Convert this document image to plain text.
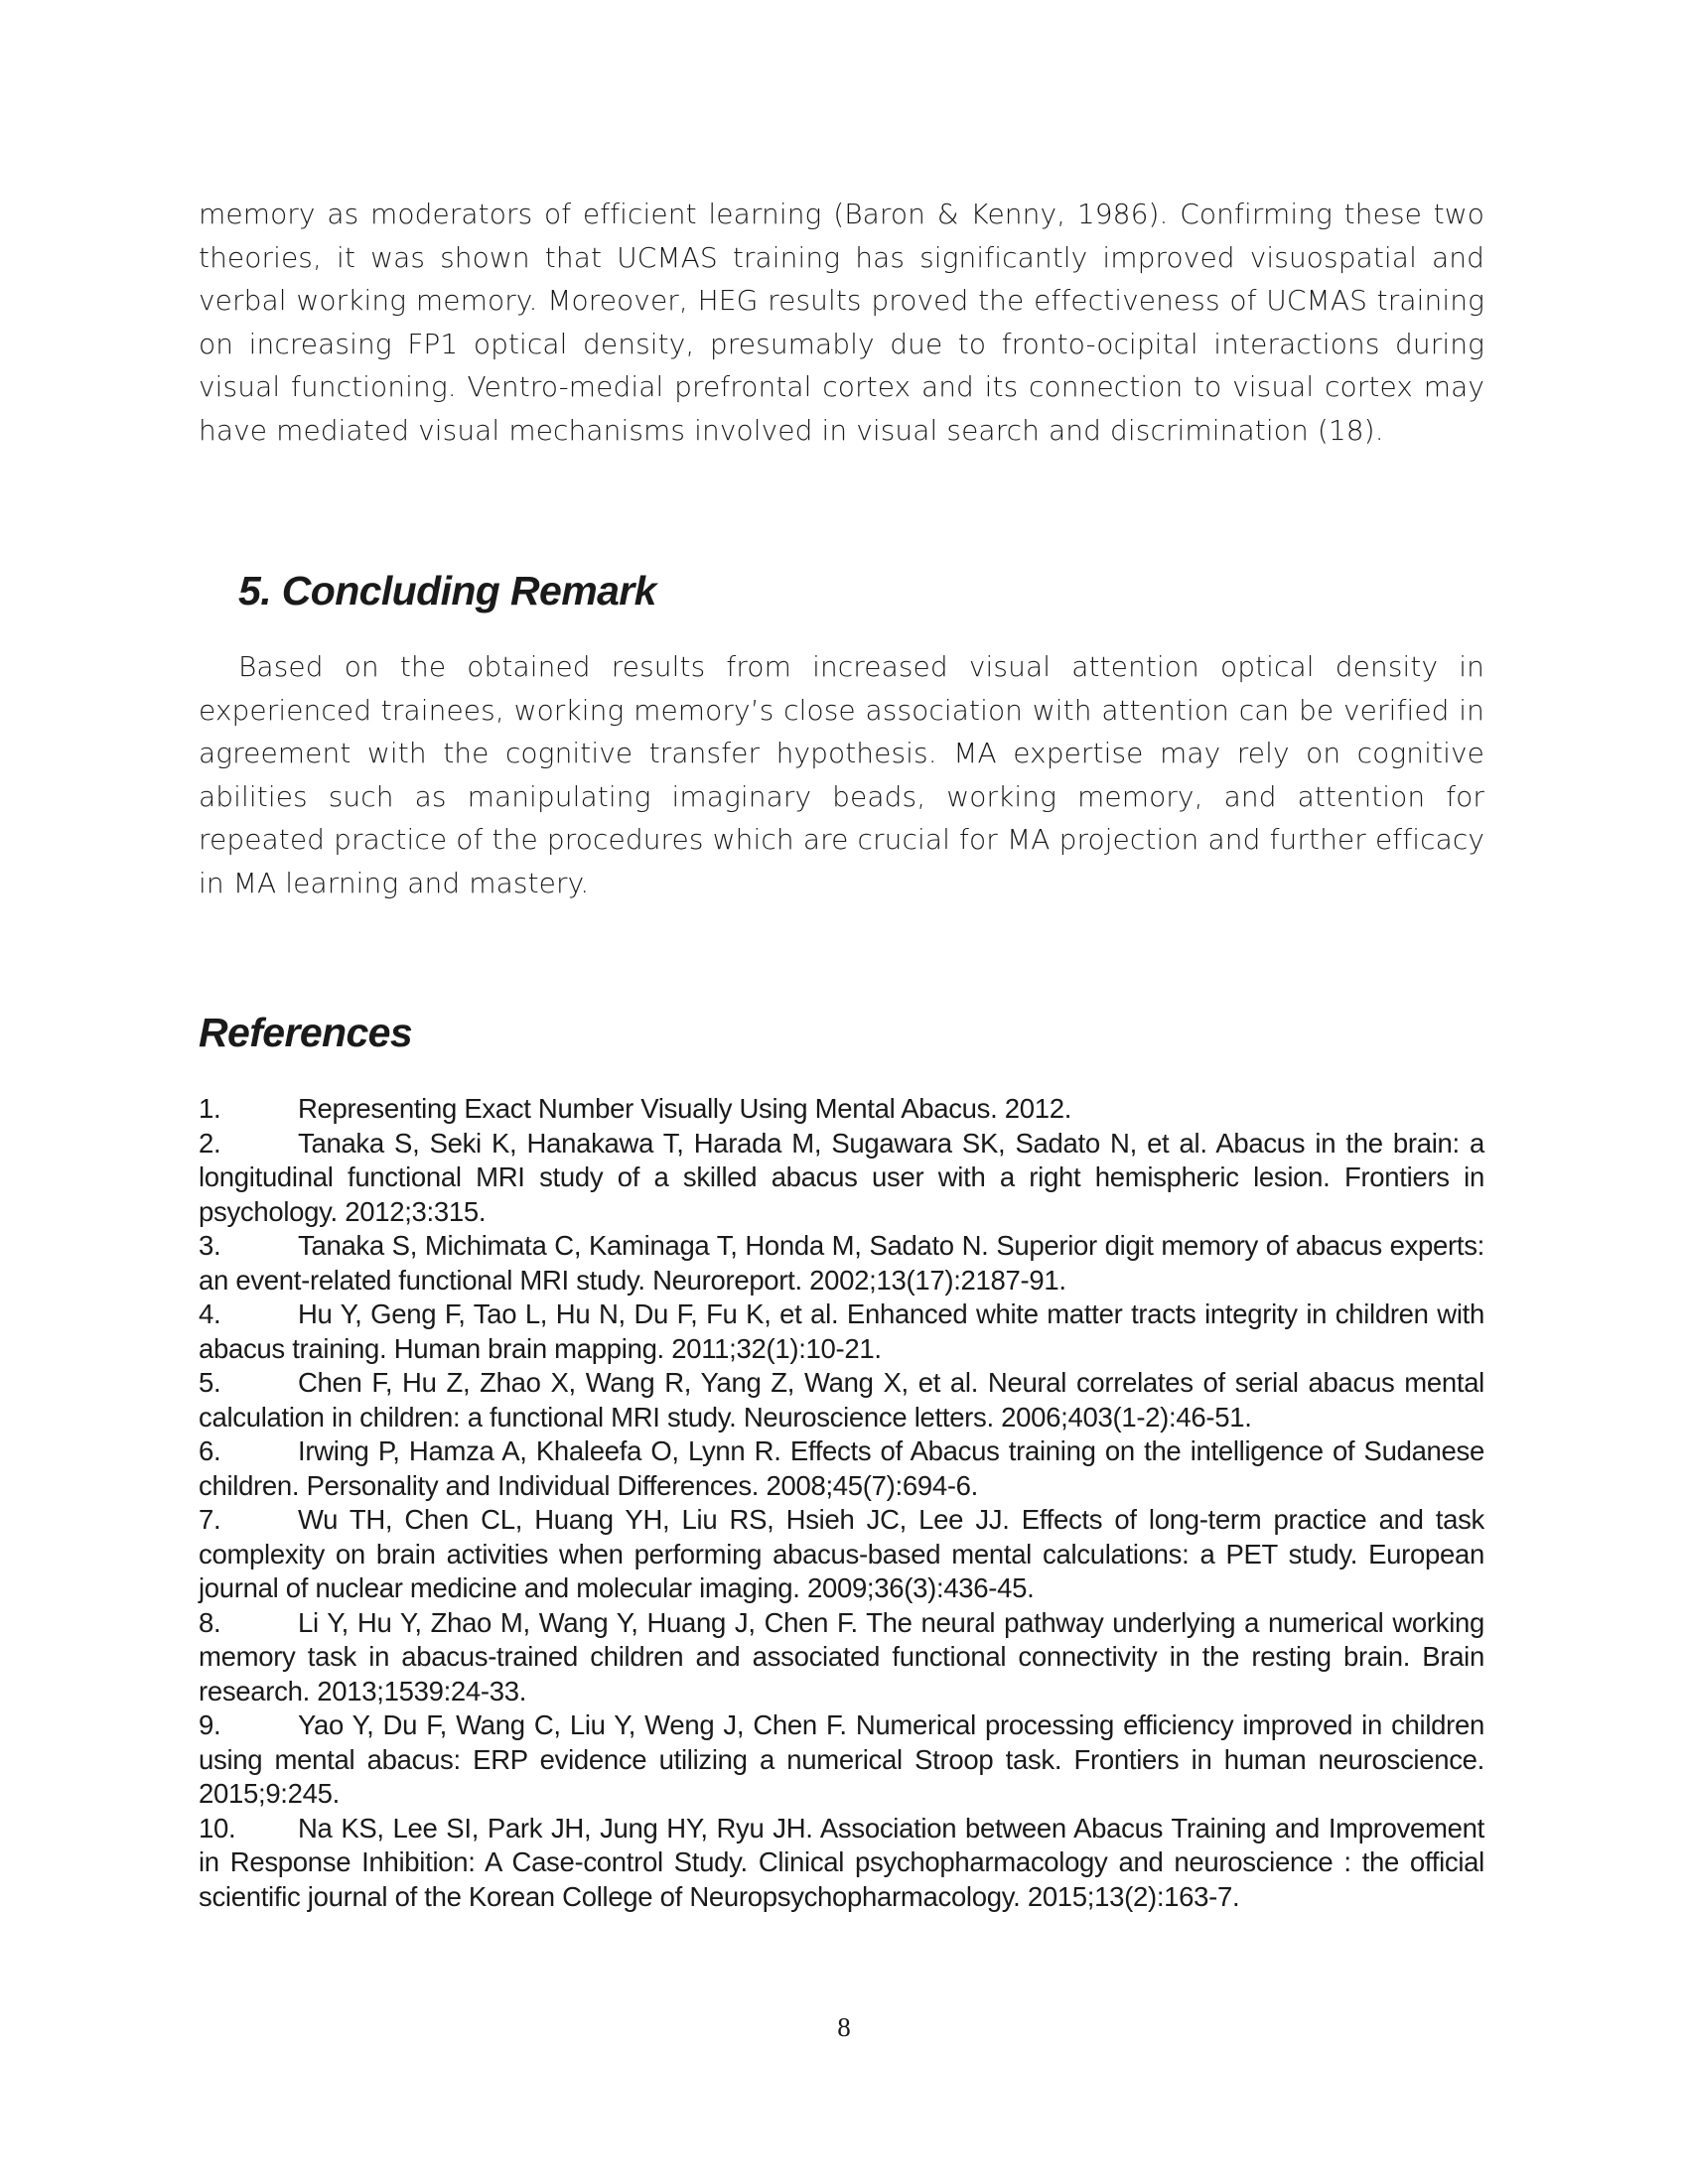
memory as moderators of efficient learning (Baron & Kenny, 1986). Confirming these two theories, it was shown that UCMAS training has significantly improved visuospatial and verbal working memory. Moreover, HEG results proved the effectiveness of UCMAS training on increasing FP1 optical density, presumably due to fronto-ocipital interactions during visual functioning. Ventro-medial prefrontal cortex and its connection to visual cortex may have mediated visual mechanisms involved in visual search and discrimination (18).

5. Concluding Remark

Based on the obtained results from increased visual attention optical density in experienced trainees, working memory’s close association with attention can be verified in agreement with the cognitive transfer hypothesis. MA expertise may rely on cognitive abilities such as manipulating imaginary beads, working memory, and attention for repeated practice of the procedures which are crucial for MA projection and further efficacy in MA learning and mastery.

References
1.	Representing Exact Number Visually Using Mental Abacus. 2012.
2.	Tanaka S, Seki K, Hanakawa T, Harada M, Sugawara SK, Sadato N, et al. Abacus in the brain: a longitudinal functional MRI study of a skilled abacus user with a right hemispheric lesion. Frontiers in psychology. 2012;3:315.
3.	Tanaka S, Michimata C, Kaminaga T, Honda M, Sadato N. Superior digit memory of abacus experts: an event-related functional MRI study. Neuroreport. 2002;13(17):2187-91.
4.	Hu Y, Geng F, Tao L, Hu N, Du F, Fu K, et al. Enhanced white matter tracts integrity in children with abacus training. Human brain mapping. 2011;32(1):10-21.
5.	Chen F, Hu Z, Zhao X, Wang R, Yang Z, Wang X, et al. Neural correlates of serial abacus mental calculation in children: a functional MRI study. Neuroscience letters. 2006;403(1-2):46-51.
6.	Irwing P, Hamza A, Khaleefa O, Lynn R. Effects of Abacus training on the intelligence of Sudanese children. Personality and Individual Differences. 2008;45(7):694-6.
7.	Wu TH, Chen CL, Huang YH, Liu RS, Hsieh JC, Lee JJ. Effects of long-term practice and task complexity on brain activities when performing abacus-based mental calculations: a PET study. European journal of nuclear medicine and molecular imaging. 2009;36(3):436-45.
8.	Li Y, Hu Y, Zhao M, Wang Y, Huang J, Chen F. The neural pathway underlying a numerical working memory task in abacus-trained children and associated functional connectivity in the resting brain. Brain research. 2013;1539:24-33.
9.	Yao Y, Du F, Wang C, Liu Y, Weng J, Chen F. Numerical processing efficiency improved in children using mental abacus: ERP evidence utilizing a numerical Stroop task. Frontiers in human neuroscience. 2015;9:245.
10. Na KS, Lee SI, Park JH, Jung HY, Ryu JH. Association between Abacus Training and Improvement in Response Inhibition: A Case-control Study. Clinical psychopharmacology and neuroscience : the official scientific journal of the Korean College of Neuropsychopharmacology. 2015;13(2):163-7.
8
